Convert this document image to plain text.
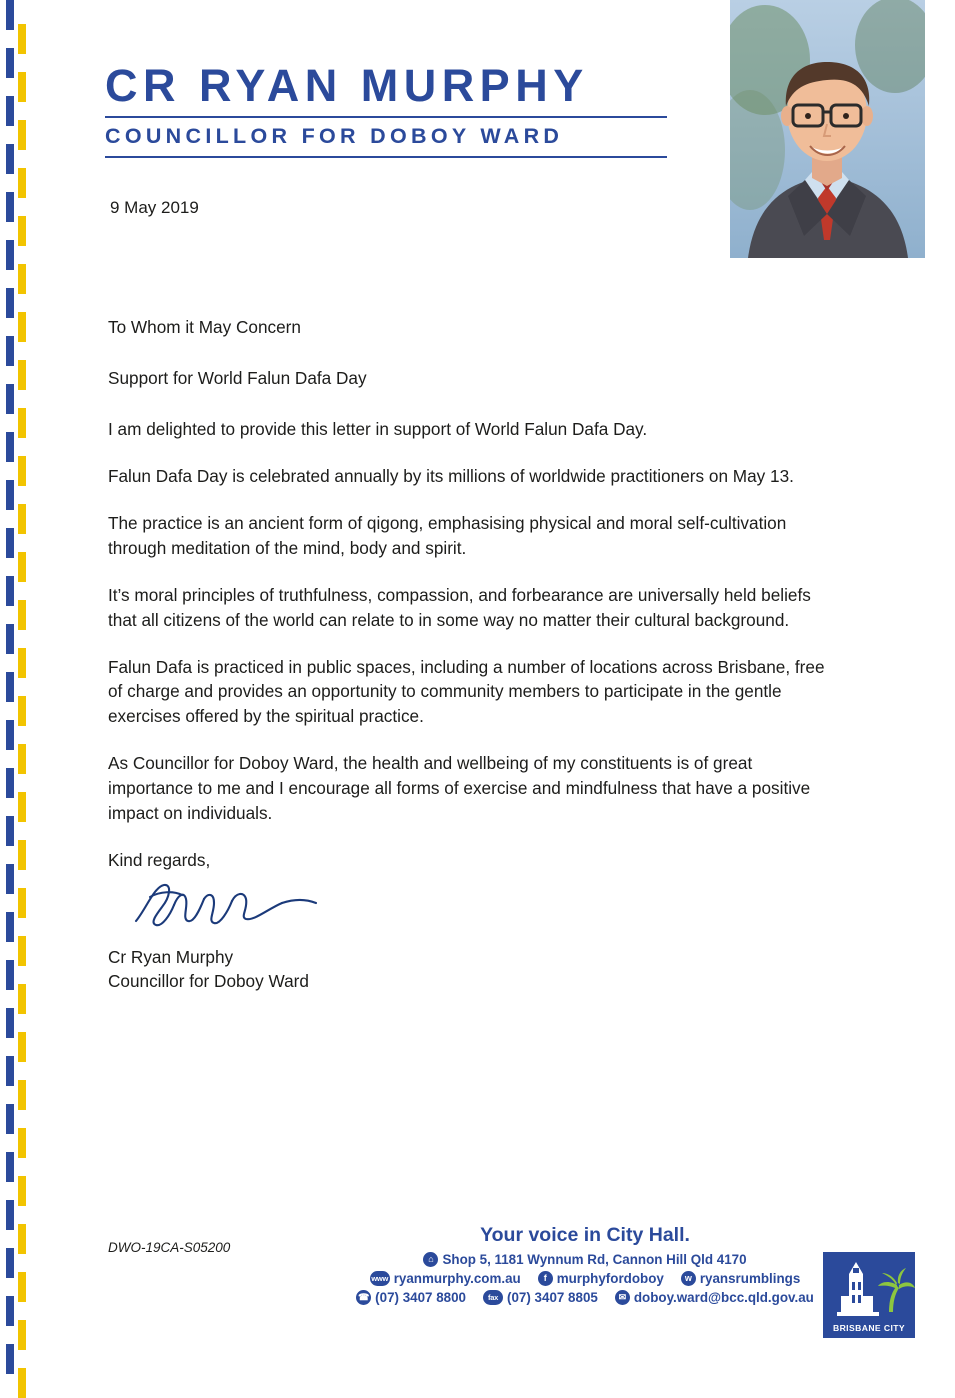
CR RYAN MURPHY
COUNCILLOR FOR DOBOY WARD
9 May 2019

To Whom it May Concern

Support for World Falun Dafa Day

I am delighted to provide this letter in support of World Falun Dafa Day.

Falun Dafa Day is celebrated annually by its millions of worldwide practitioners on May 13.

The practice is an ancient form of qigong, emphasising physical and moral self-cultivation through meditation of the mind, body and spirit.

It’s moral principles of truthfulness, compassion, and forbearance are universally held beliefs that all citizens of the world can relate to in some way no matter their cultural background.

Falun Dafa is practiced in public spaces, including a number of locations across Brisbane, free of charge and provides an opportunity to community members to participate in the gentle exercises offered by the spiritual practice.

As Councillor for Doboy Ward, the health and wellbeing of my constituents is of great importance to me and I encourage all forms of exercise and mindfulness that have a positive impact on individuals.

Kind regards,

Cr Ryan Murphy
Councillor for Doboy Ward
DWO-19CA-S05200
Your voice in City Hall.
⌂ Shop 5, 1181 Wynnum Rd, Cannon Hill Qld 4170
www ryanmurphy.com.au	f murphyfordoboy	w ryansrumblings
☎ (07) 3407 8800	fax (07) 3407 8805	✉ doboy.ward@bcc.qld.gov.au
BRISBANE CITY
